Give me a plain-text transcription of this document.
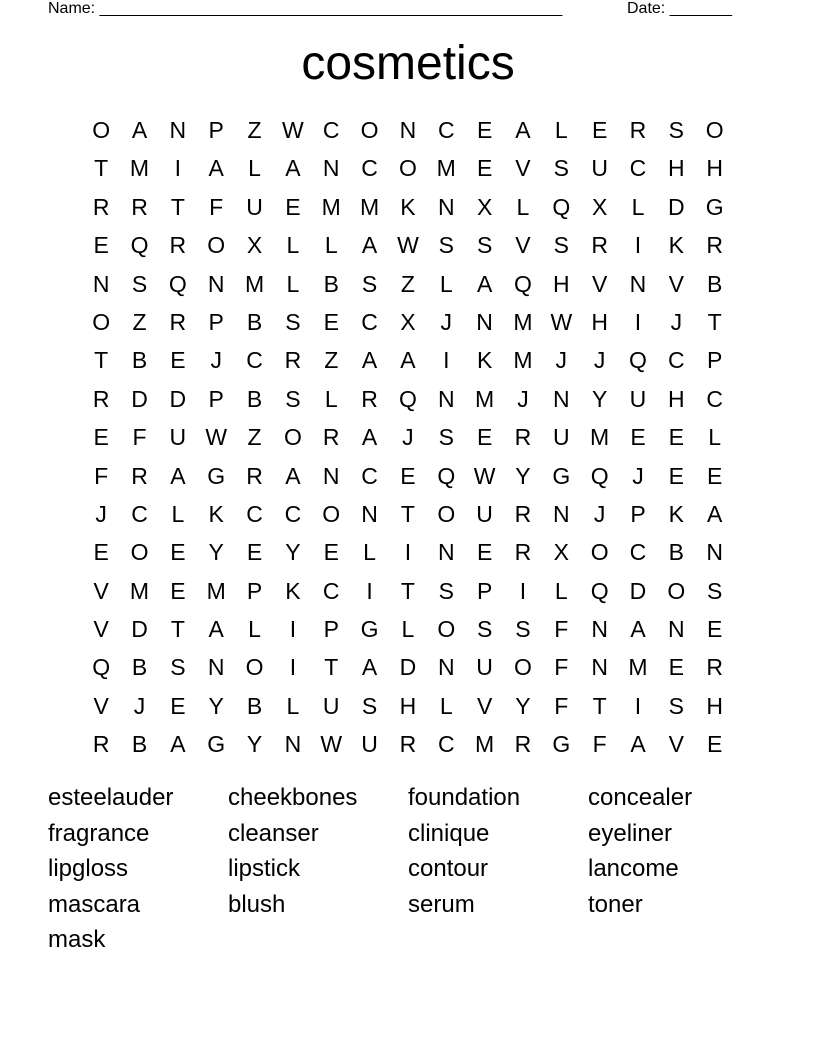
Name: ____________________________________________________	Date: _______
cosmetics
O A N P	Z W C O N C E	A	L	E R S O
T M	I	A	L	A N C O M E	V	S U C H H
R R	T	F	U E M M K N X	L	Q X	L	D G
E Q R O X	L	L	A W S	S	V	S R	I	K R
N S Q N M L	B	S	Z	L	A Q H V N V	B
O Z	R P	B	S	E C X	J	N M W H	I	J	T
T	B	E	J	C R	Z	A	A	I	K M	J	J	Q C P
R D D P	B	S	L	R Q N M	J	N Y U H C
E	F	U W Z O R A	J	S	E R U M E	E	L
F	R A G R A N C E Q W Y G Q	J	E	E
J	C	L	K C C O N	T O U R N	J	P	K	A
E O E	Y	E	Y	E	L	I	N E R X O C B N
V M E M P	K C	I	T	S	P	I	L	Q D O S
V D	T	A	L	I	P G	L	O S	S	F	N A N E
Q B	S N O	I	T	A D N U O F	N M E R
V	J	E	Y	B	L	U S H	L	V	Y	F	T	I	S H
R B	A G Y N W U R C M R G F	A	V	E
esteelauder	cheekbones	foundation	concealer
fragrance	cleanser	clinique	eyeliner
lipgloss	lipstick	contour	lancome
mascara	blush	serum	toner
mask
